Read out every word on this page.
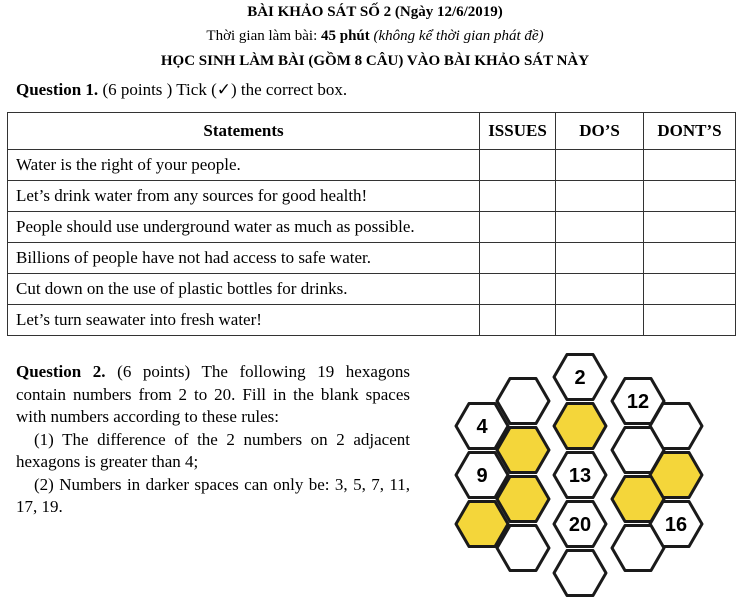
BÀI KHẢO SÁT SỐ 2 (Ngày 12/6/2019)
Thời gian làm bài: 45 phút (không kể thời gian phát đề)
HỌC SINH LÀM BÀI (GỒM 8 CÂU) VÀO BÀI KHẢO SÁT NÀY
Question 1. (6 points ) Tick (✓) the correct box.
Statements	ISSUES	DO’S	DONT’S
Water is the right of your people.			
Let’s drink water from any sources for good health!			
People should use underground water as much as possible.			
Billions of people have not had access to safe water.			
Cut down on the use of plastic bottles for drinks.			
Let’s turn seawater into fresh water!			

Question 2. (6 points) The following 19 hexagons contain numbers from 2 to 20. Fill in the blank spaces with numbers according to these rules:

(1) The difference of the 2 numbers on 2 adjacent hexagons is greater than 4;

(2) Numbers in darker spaces can only be: 3, 5, 7, 11, 17, 19.

2
12
4
13
9
20	16
